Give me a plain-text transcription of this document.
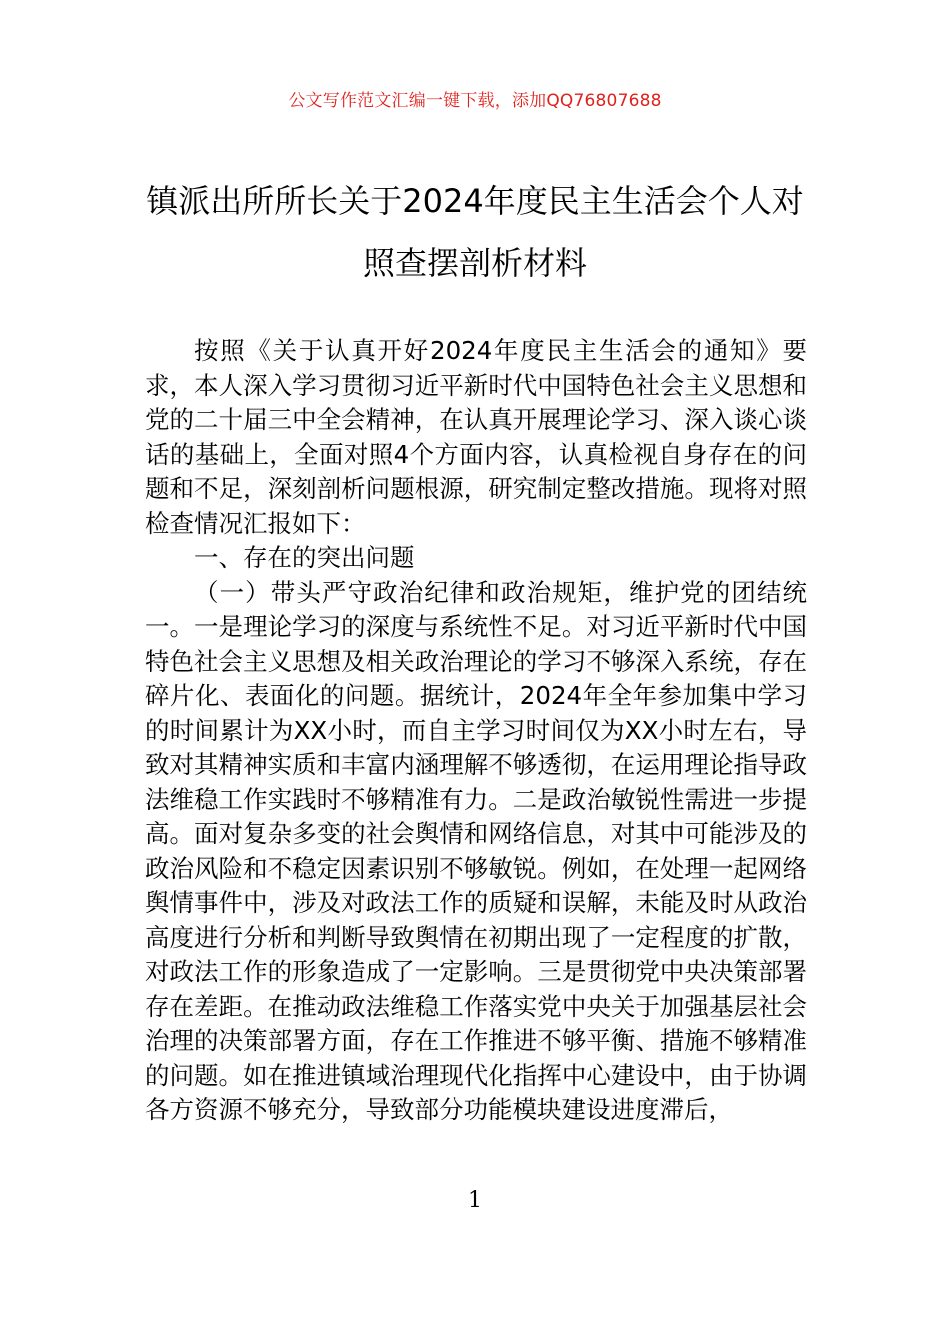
公文写作范文汇编一键下载，添加QQ76807688
镇派出所所长关于2024年度民主生活会个人对照查摆剖析材料

按照《关于认真开好2024年度民主生活会的通知》要求，本人深入学习贯彻习近平新时代中国特色社会主义思想和党的二十届三中全会精神，在认真开展理论学习、深入谈心谈话的基础上，全面对照4个方面内容，认真检视自身存在的问题和不足，深刻剖析问题根源，研究制定整改措施。现将对照检查情况汇报如下：

一、存在的突出问题

（一）带头严守政治纪律和政治规矩，维护党的团结统一。一是理论学习的深度与系统性不足。对习近平新时代中国特色社会主义思想及相关政治理论的学习不够深入系统，存在碎片化、表面化的问题。据统计，2024年全年参加集中学习的时间累计为XX小时，而自主学习时间仅为XX小时左右，导致对其精神实质和丰富内涵理解不够透彻，在运用理论指导政法维稳工作实践时不够精准有力。二是政治敏锐性需进一步提高。面对复杂多变的社会舆情和网络信息，对其中可能涉及的政治风险和不稳定因素识别不够敏锐。例如，在处理一起网络舆情事件中，涉及对政法工作的质疑和误解，未能及时从政治高度进行分析和判断导致舆情在初期出现了一定程度的扩散，对政法工作的形象造成了一定影响。三是贯彻党中央决策部署存在差距。在推动政法维稳工作落实党中央关于加强基层社会治理的决策部署方面，存在工作推进不够平衡、措施不够精准的问题。如在推进镇域治理现代化指挥中心建设中，由于协调各方资源不够充分，导致部分功能模块建设进度滞后，

1
